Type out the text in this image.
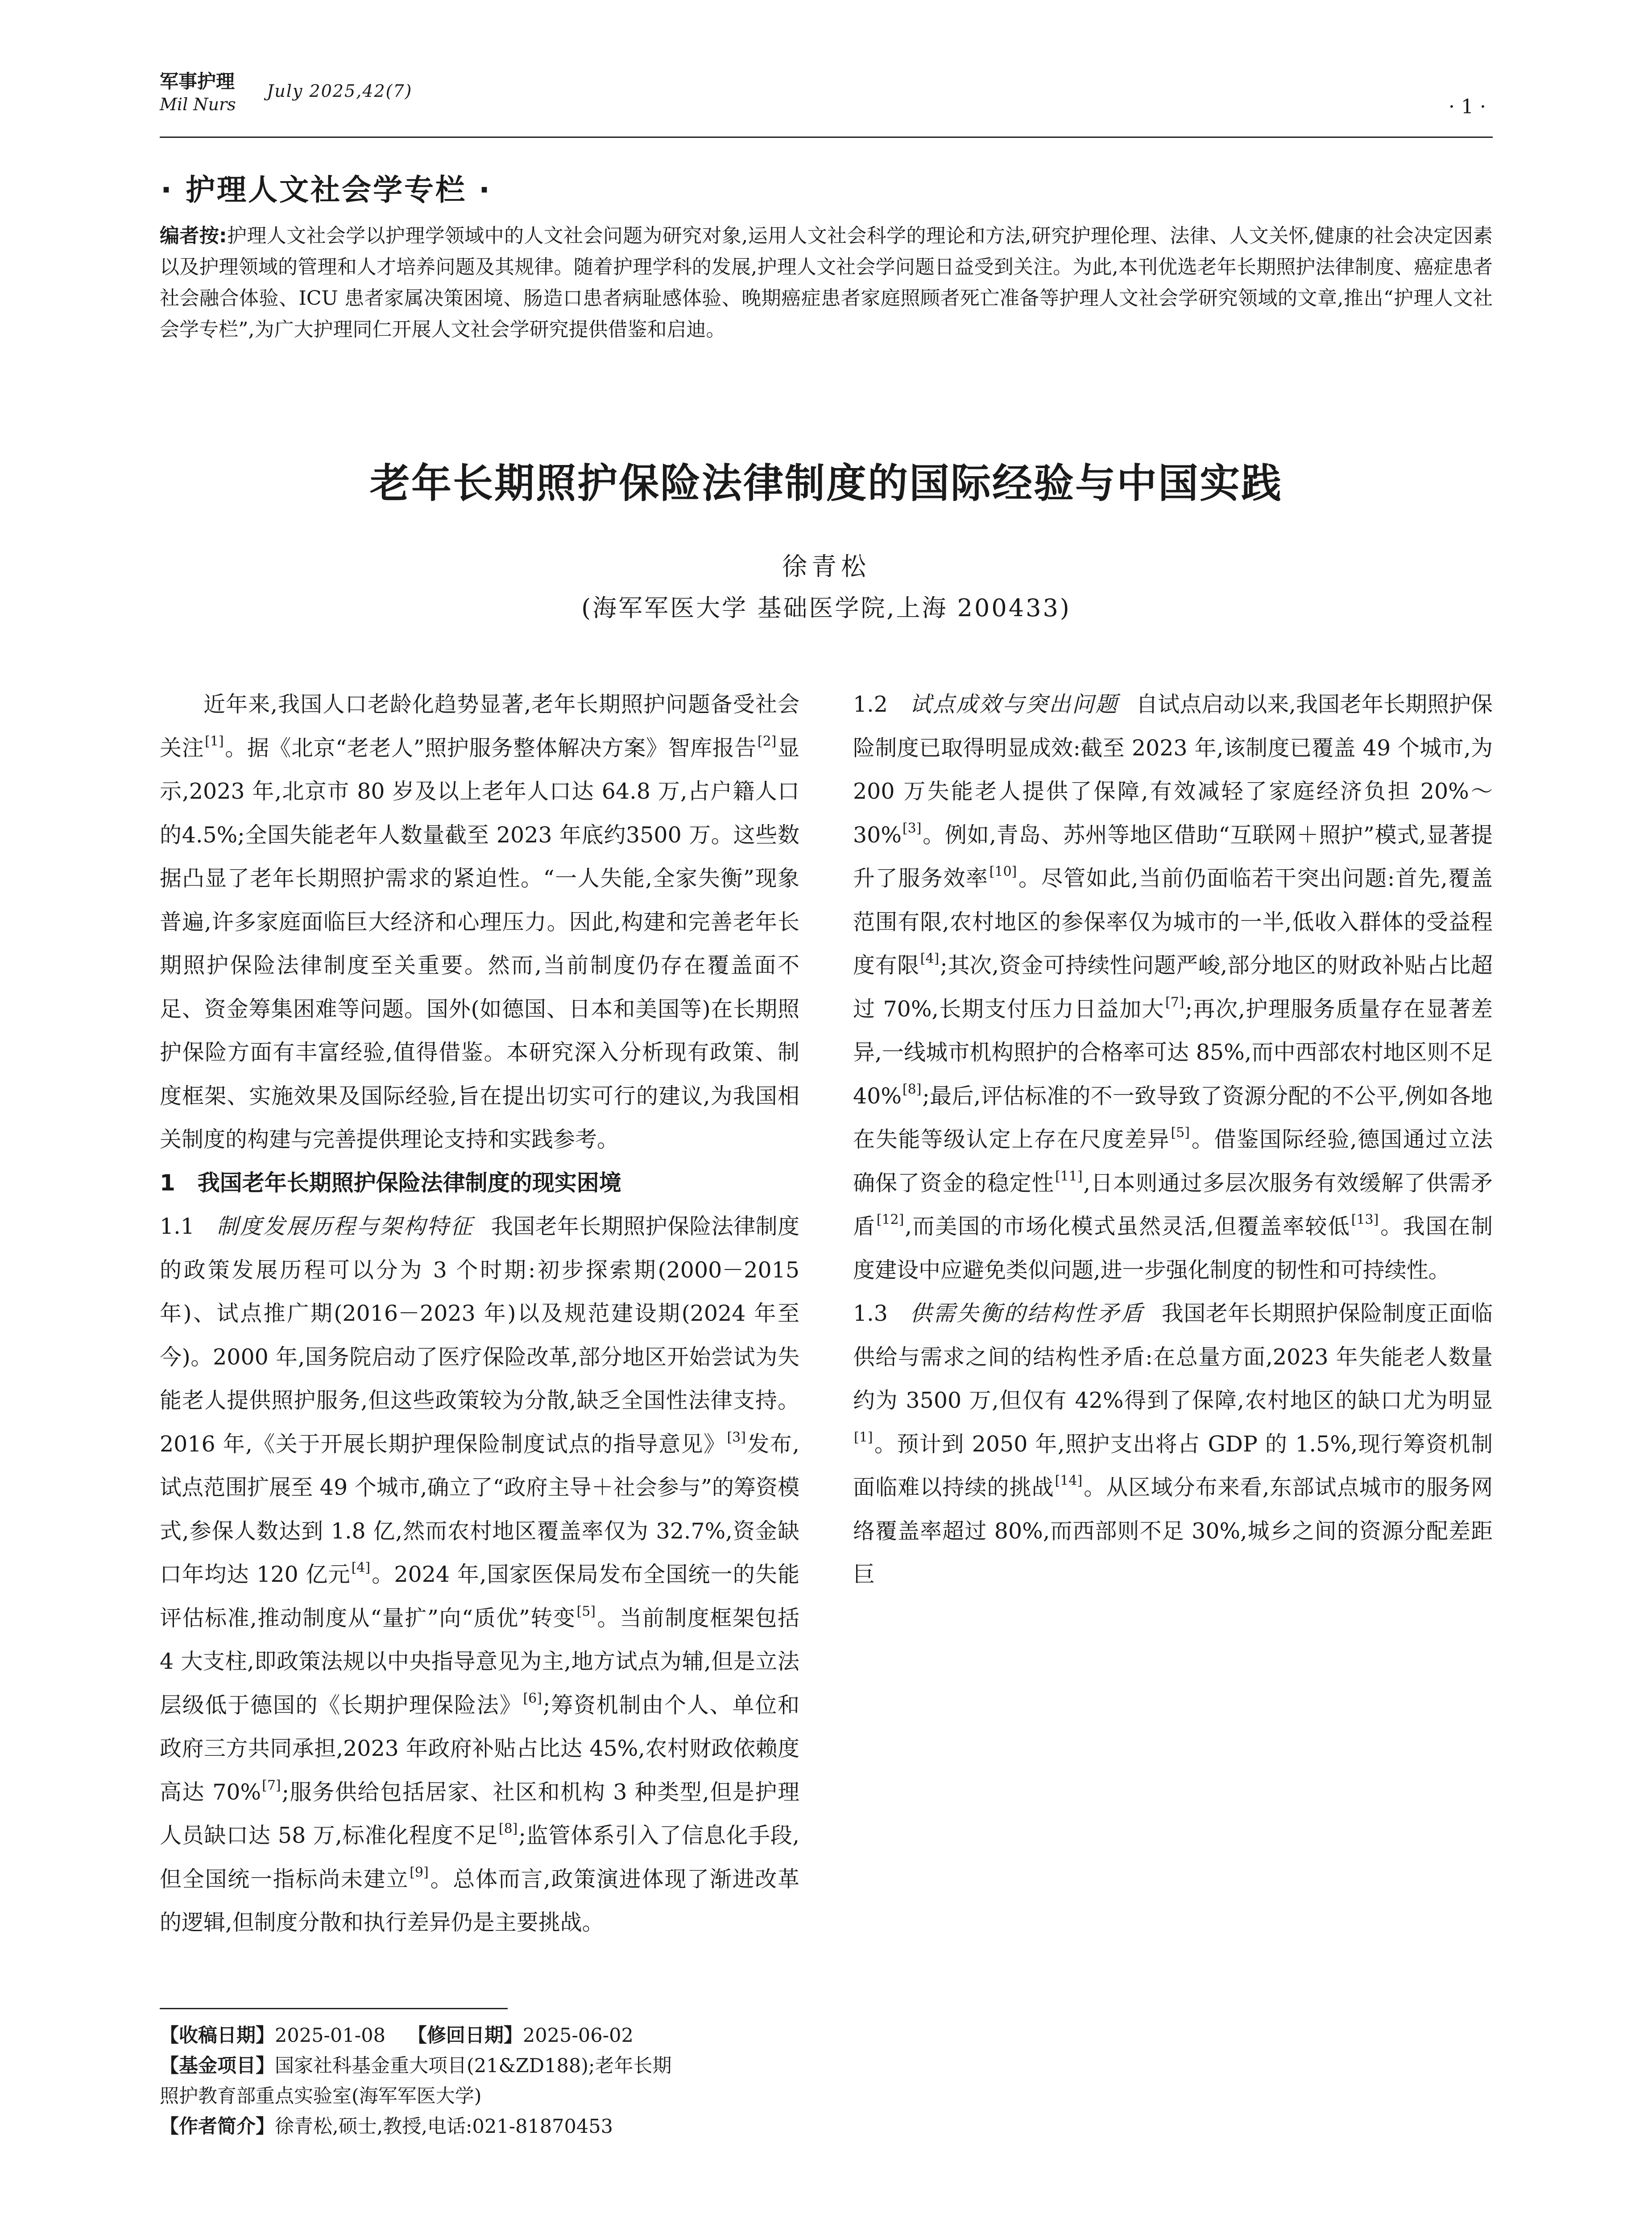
军事护理
Mil Nurs
July 2025,42(7)
· 1 ·
· 护理人文社会学专栏 ·
编者按:护理人文社会学以护理学领域中的人文社会问题为研究对象,运用人文社会科学的理论和方法,研究护理伦理、法律、人文关怀,健康的社会决定因素以及护理领域的管理和人才培养问题及其规律。随着护理学科的发展,护理人文社会学问题日益受到关注。为此,本刊优选老年长期照护法律制度、癌症患者社会融合体验、ICU 患者家属决策困境、肠造口患者病耻感体验、晚期癌症患者家庭照顾者死亡准备等护理人文社会学研究领域的文章,推出“护理人文社会学专栏”,为广大护理同仁开展人文社会学研究提供借鉴和启迪。
老年长期照护保险法律制度的国际经验与中国实践
徐青松
(海军军医大学 基础医学院,上海 200433)

近年来,我国人口老龄化趋势显著,老年长期照护问题备受社会关注[1]。据《北京“老老人”照护服务整体解决方案》智库报告[2]显示,2023 年,北京市 80 岁及以上老年人口达 64.8 万,占户籍人口的4.5%;全国失能老年人数量截至 2023 年底约3500 万。这些数据凸显了老年长期照护需求的紧迫性。“一人失能,全家失衡”现象普遍,许多家庭面临巨大经济和心理压力。因此,构建和完善老年长期照护保险法律制度至关重要。然而,当前制度仍存在覆盖面不足、资金筹集困难等问题。国外(如德国、日本和美国等)在长期照护保险方面有丰富经验,值得借鉴。本研究深入分析现有政策、制度框架、实施效果及国际经验,旨在提出切实可行的建议,为我国相关制度的构建与完善提供理论支持和实践参考。

1 我国老年长期照护保险法律制度的现实困境

1.1 制度发展历程与架构特征 我国老年长期照护保险法律制度的政策发展历程可以分为 3 个时期:初步探索期(2000－2015 年)、试点推广期(2016－2023 年)以及规范建设期(2024 年至今)。2000 年,国务院启动了医疗保险改革,部分地区开始尝试为失能老人提供照护服务,但这些政策较为分散,缺乏全国性法律支持。2016 年,《关于开展长期护理保险制度试点的指导意见》[3]发布,试点范围扩展至 49 个城市,确立了“政府主导＋社会参与”的筹资模式,参保人数达到 1.8 亿,然而农村地区覆盖率仅为 32.7%,资金缺口年均达 120 亿元[4]。2024 年,国家医保局发布全国统一的失能评估标准,推动制度从“量扩”向“质优”转变[5]。当前制度框架包括 4 大支柱,即政策法规以中央指导意见为主,地方试点为辅,但是立法层级低于德国的《长期护理保险法》[6];筹资机制由个人、单位和政府三方共同承担,2023 年政府补贴占比达 45%,农村财政依赖度高达 70%[7];服务供给包括居家、社区和机构 3 种类型,但是护理人员缺口达 58 万,标准化程度不足[8];监管体系引入了信息化手段,但全国统一指标尚未建立[9]。总体而言,政策演进体现了渐进改革的逻辑,但制度分散和执行差异仍是主要挑战。

1.2 试点成效与突出问题 自试点启动以来,我国老年长期照护保险制度已取得明显成效:截至 2023 年,该制度已覆盖 49 个城市,为 200 万失能老人提供了保障,有效减轻了家庭经济负担 20%～30%[3]。例如,青岛、苏州等地区借助“互联网＋照护”模式,显著提升了服务效率[10]。尽管如此,当前仍面临若干突出问题:首先,覆盖范围有限,农村地区的参保率仅为城市的一半,低收入群体的受益程度有限[4];其次,资金可持续性问题严峻,部分地区的财政补贴占比超过 70%,长期支付压力日益加大[7];再次,护理服务质量存在显著差异,一线城市机构照护的合格率可达 85%,而中西部农村地区则不足 40%[8];最后,评估标准的不一致导致了资源分配的不公平,例如各地在失能等级认定上存在尺度差异[5]。借鉴国际经验,德国通过立法确保了资金的稳定性[11],日本则通过多层次服务有效缓解了供需矛盾[12],而美国的市场化模式虽然灵活,但覆盖率较低[13]。我国在制度建设中应避免类似问题,进一步强化制度的韧性和可持续性。

1.3 供需失衡的结构性矛盾 我国老年长期照护保险制度正面临供给与需求之间的结构性矛盾:在总量方面,2023 年失能老人数量约为 3500 万,但仅有 42%得到了保障,农村地区的缺口尤为明显[1]。预计到 2050 年,照护支出将占 GDP 的 1.5%,现行筹资机制面临难以持续的挑战[14]。从区域分布来看,东部试点城市的服务网络覆盖率超过 80%,而西部则不足 30%,城乡之间的资源分配差距巨

【收稿日期】2025-01-08 【修回日期】2025-06-02
【基金项目】国家社科基金重大项目(21&ZD188);老年长期
照护教育部重点实验室(海军军医大学)
【作者简介】徐青松,硕士,教授,电话:021-81870453
